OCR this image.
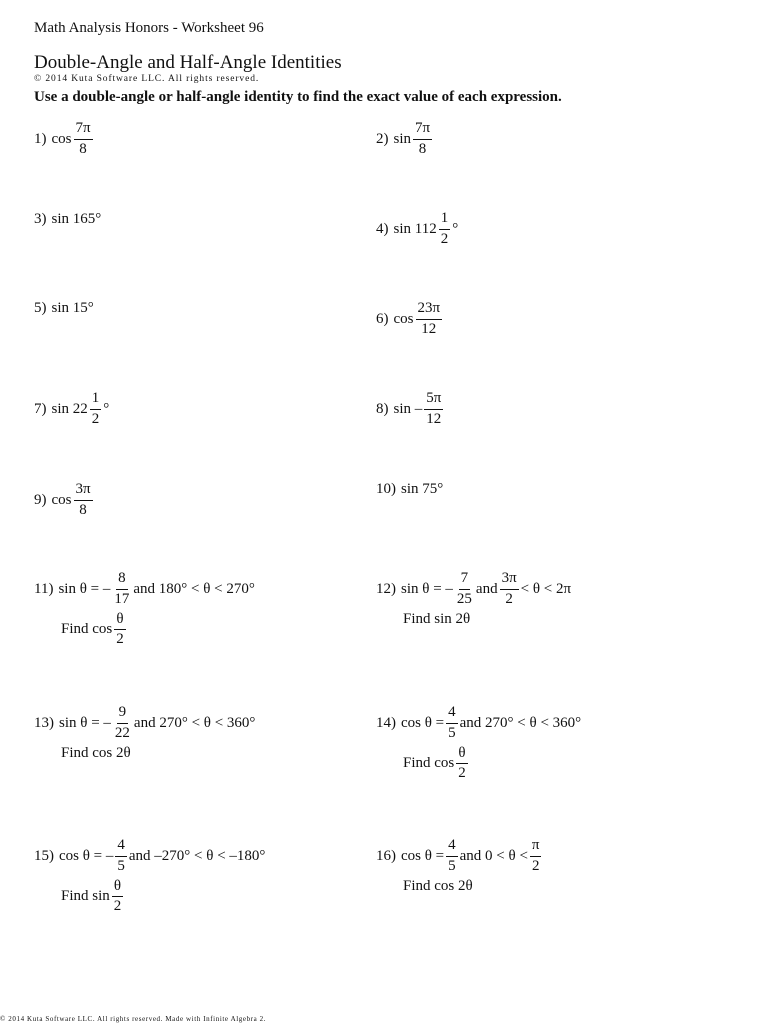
Math Analysis Honors - Worksheet 96
Double-Angle and Half-Angle Identities
© 2014 Kuta Software LLC. All rights reserved.
Use a double-angle or half-angle identity to find the exact value of each expression.
1) $\cos \frac{7\pi}{8}$	2) $\sin \frac{7\pi}{8}$
3) sin 165°
4) $\sin 112 \frac{1}{2}$ °
5) sin 15°
6) $\cos \frac{23\pi}{12}$
7) $\sin 22 \frac{1}{2}$ °	8) sin – $\frac{5\pi}{12}$
9) $\cos \frac{3\pi}{8}$	10) sin 75°
11) sin θ = – $\frac{8}{17}$ and 180° < θ < 270°
Find $\cos \frac{\theta}{2}$
12) sin θ = – $\frac{7}{25}$ and $\frac{3\pi}{2} < \theta < 2\pi$
Find sin 2θ
13) sin θ = – $\frac{9}{22}$ and 270° < θ < 360°
Find cos 2θ
14) $\cos \theta = \frac{4}{5}$ and 270° < θ < 360°
Find $\cos \frac{\theta}{2}$
15) cos θ = – $\frac{4}{5}$ and –270° < θ < –180°
Find $\sin \frac{\theta}{2}$
16) $\cos \theta = \frac{4}{5}$ and $0 < \theta < \frac{\pi}{2}$
Find cos 2θ
© 2014 Kuta Software LLC. All rights reserved. Made with Infinite Algebra 2.
